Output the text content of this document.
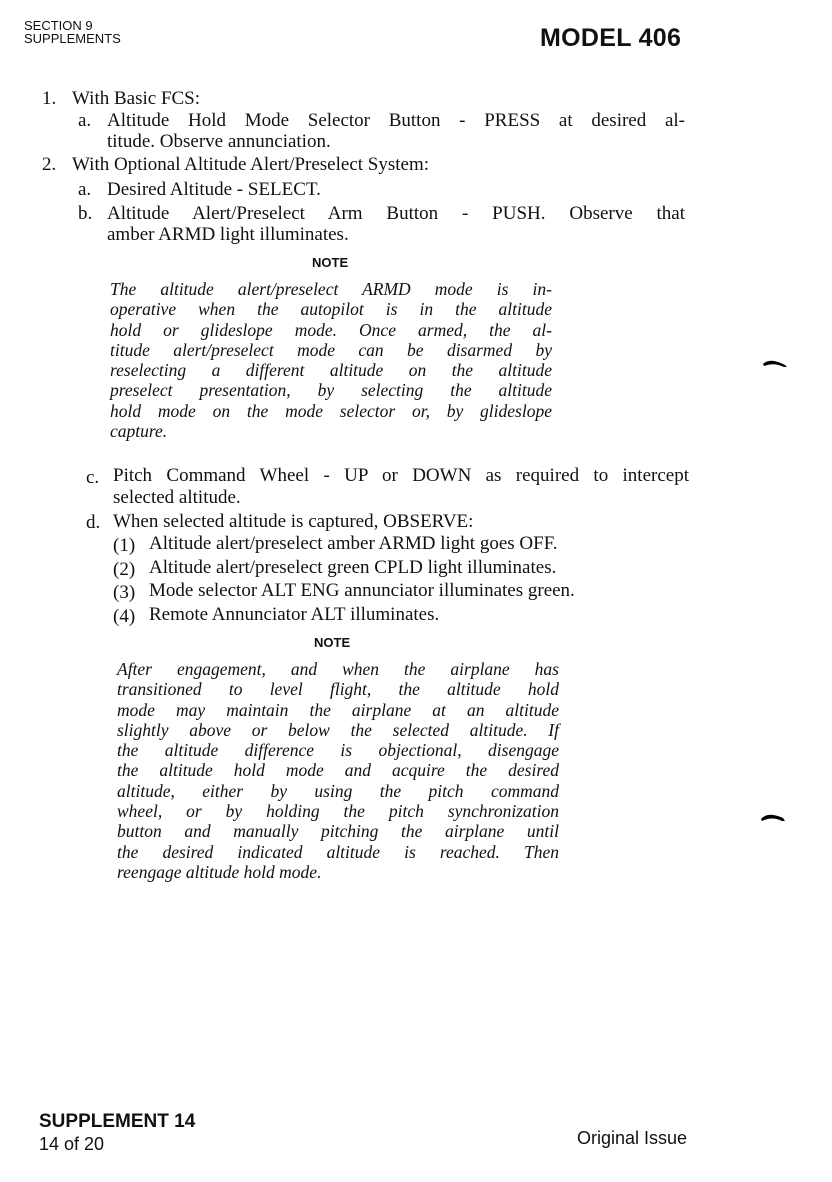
SECTION 9
SUPPLEMENTS	MODEL 406
1. With Basic FCS:
a. Altitude Hold Mode Selector Button - PRESS at desired al-
titude. Observe annunciation.
2. With Optional Altitude Alert/Preselect System:
a. Desired Altitude - SELECT.
b. Altitude Alert/Preselect Arm Button - PUSH. Observe that
amber ARMD light illuminates.
NOTE
The altitude alert/preselect ARMD mode is in-
operative when the autopilot is in the altitude
hold or glideslope mode. Once armed, the al-
titude alert/preselect mode can be disarmed by
reselecting a different altitude on the altitude
preselect presentation, by selecting the altitude
hold mode on the mode selector or, by glideslope
capture.
c. Pitch Command Wheel - UP or DOWN as required to intercept
selected altitude.
d. When selected altitude is captured, OBSERVE:
(1) Altitude alert/preselect amber ARMD light goes OFF.
(2) Altitude alert/preselect green CPLD light illuminates.
(3) Mode selector ALT ENG annunciator illuminates green.
(4) Remote Annunciator ALT illuminates.
NOTE
After engagement, and when the airplane has
transitioned to level flight, the altitude hold
mode may maintain the airplane at an altitude
slightly above or below the selected altitude. If
the altitude difference is objectional, disengage
the altitude hold mode and acquire the desired
altitude, either by using the pitch command
wheel, or by holding the pitch synchronization
button and manually pitching the airplane until
the desired indicated altitude is reached. Then
reengage altitude hold mode.
SUPPLEMENT 14
14 of 20	Original Issue
